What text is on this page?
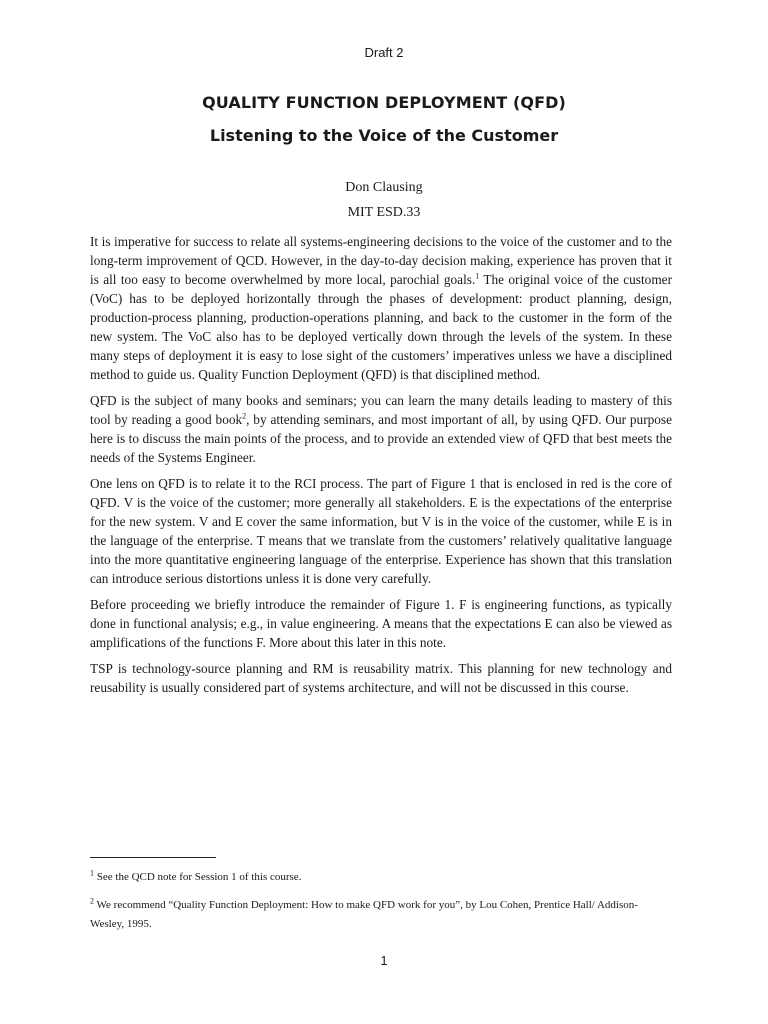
Draft 2
QUALITY FUNCTION DEPLOYMENT (QFD)
Listening to the Voice of the Customer
Don Clausing
MIT ESD.33

It is imperative for success to relate all systems-engineering decisions to the voice of the customer and to the long-term improvement of QCD. However, in the day-to-day decision making, experience has proven that it is all too easy to become overwhelmed by more local, parochial goals.$^1$ The original voice of the customer (VoC) has to be deployed horizontally through the phases of development: product planning, design, production-process planning, production-operations planning, and back to the customer in the form of the new system. The VoC also has to be deployed vertically down through the levels of the system. In these many steps of deployment it is easy to lose sight of the customers’ imperatives unless we have a disciplined method to guide us. Quality Function Deployment (QFD) is that disciplined method.

QFD is the subject of many books and seminars; you can learn the many details leading to mastery of this tool by reading a good book$^2$, by attending seminars, and most important of all, by using QFD. Our purpose here is to discuss the main points of the process, and to provide an extended view of QFD that best meets the needs of the Systems Engineer.

One lens on QFD is to relate it to the RCI process. The part of Figure 1 that is enclosed in red is the core of QFD. V is the voice of the customer; more generally all stakeholders. E is the expectations of the enterprise for the new system. V and E cover the same information, but V is in the voice of the customer, while E is in the language of the enterprise. T means that we translate from the customers’ relatively qualitative language into the more quantitative engineering language of the enterprise. Experience has shown that this translation can introduce serious distortions unless it is done very carefully.

Before proceeding we briefly introduce the remainder of Figure 1. F is engineering functions, as typically done in functional analysis; e.g., in value engineering. A means that the expectations E can also be viewed as amplifications of the functions F. More about this later in this note.

TSP is technology-source planning and RM is reusability matrix. This planning for new technology and reusability is usually considered part of systems architecture, and will not be discussed in this course.

$^1$ See the QCD note for Session 1 of this course.
$^2$ We recommend “Quality Function Deployment: How to make QFD work for you”, by Lou Cohen, Prentice Hall/ Addison-Wesley, 1995.
1
